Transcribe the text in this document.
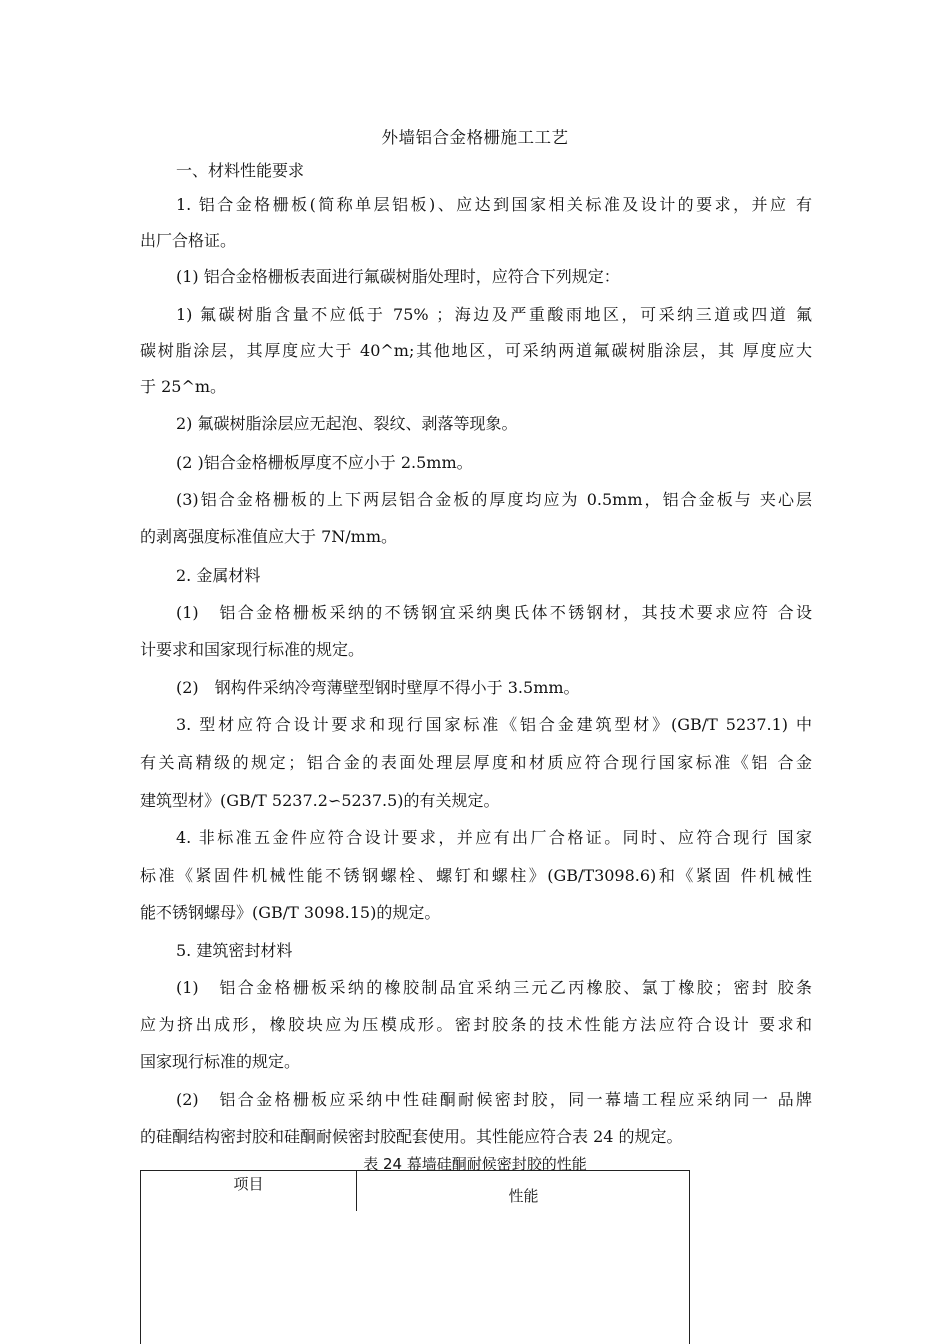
外墙铝合金格栅施工工艺
一、材料性能要求
1. 铝合金格栅板(简称单层铝板)、应达到国家相关标准及设计的要求，并应 有
出厂合格证。
(1) 铝合金格栅板表面进行氟碳树脂处理时，应符合下列规定：
1) 氟碳树脂含量不应低于 75% ；海边及严重酸雨地区，可采纳三道或四道 氟
碳树脂涂层，其厚度应大于 40^m;其他地区，可采纳两道氟碳树脂涂层，其 厚度应大
于 25^m。
2) 氟碳树脂涂层应无起泡、裂纹、剥落等现象。
(2 )铝合金格栅板厚度不应小于 2.5mm。
(3)铝合金格栅板的上下两层铝合金板的厚度均应为 0.5mm，铝合金板与 夹心层
的剥离强度标准值应大于 7N/mm。
2. 金属材料
(1)　铝合金格栅板采纳的不锈钢宜采纳奥氏体不锈钢材，其技术要求应符 合设
计要求和国家现行标准的规定。
(2)　钢构件采纳冷弯薄壁型钢时壁厚不得小于 3.5mm。
3. 型材应符合设计要求和现行国家标准《铝合金建筑型材》(GB/T 5237.1) 中
有关高精级的规定；铝合金的表面处理层厚度和材质应符合现行国家标准《铝 合金
建筑型材》(GB/T 5237.2∽5237.5)的有关规定。
4. 非标准五金件应符合设计要求，并应有出厂合格证。同时、应符合现行 国家
标准《紧固件机械性能不锈钢螺栓、螺钉和螺柱》(GB/T3098.6)和《紧固 件机械性
能不锈钢螺母》(GB/T 3098.15)的规定。
5. 建筑密封材料
(1)　铝合金格栅板采纳的橡胶制品宜采纳三元乙丙橡胶、氯丁橡胶；密封 胶条
应为挤出成形，橡胶块应为压模成形。密封胶条的技术性能方法应符合设计 要求和
国家现行标准的规定。
(2)　铝合金格栅板应采纳中性硅酮耐候密封胶，同一幕墙工程应采纳同一 品牌
的硅酮结构密封胶和硅酮耐候密封胶配套使用。其性能应符合表 24 的规定。
表 24 幕墙硅酮耐候密封胶的性能
项目
性能
